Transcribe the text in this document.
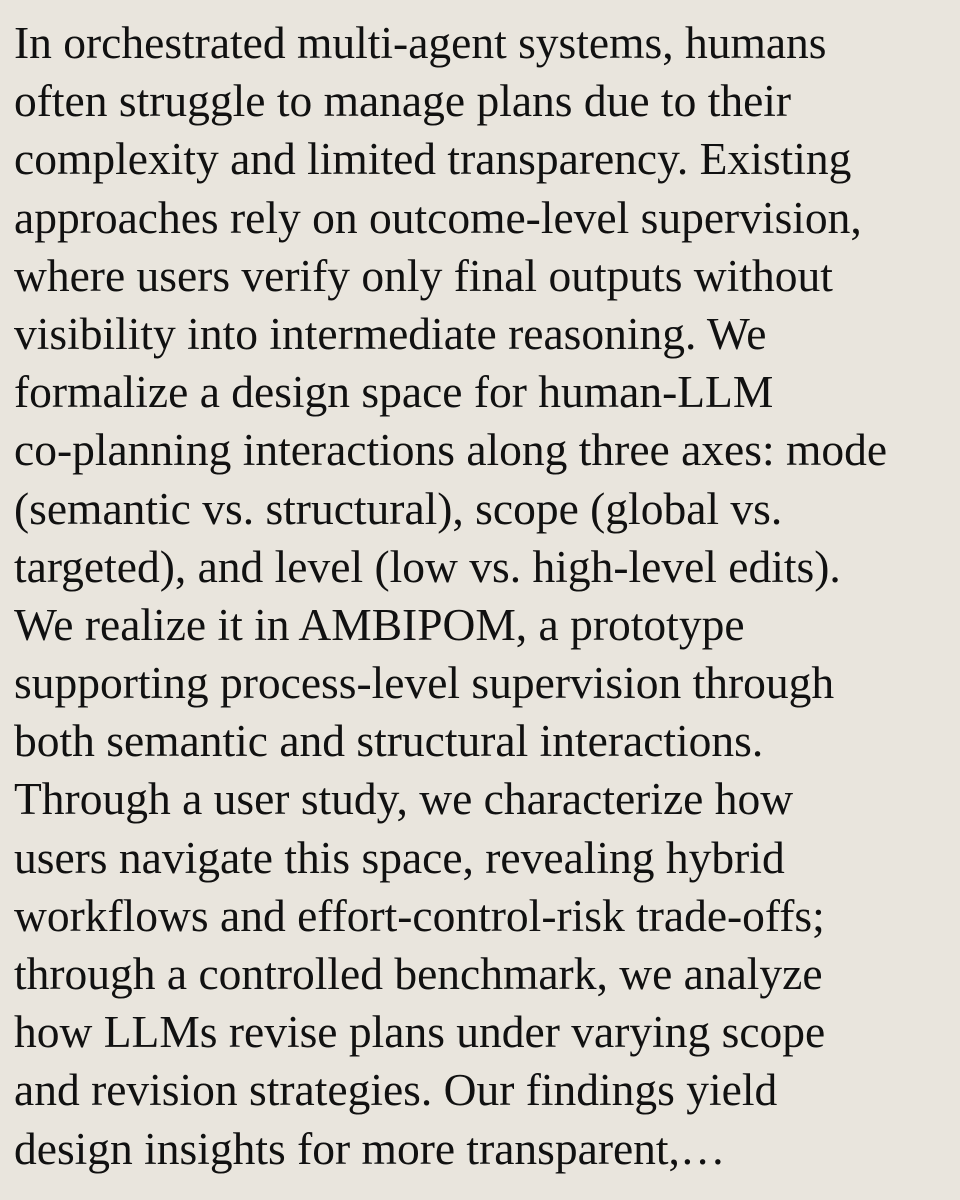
In orchestrated multi-agent systems, humans
often struggle to manage plans due to their
complexity and limited transparency. Existing
approaches rely on outcome-level supervision,
where users verify only final outputs without
visibility into intermediate reasoning. We
formalize a design space for human-LLM
co-planning interactions along three axes: mode
(semantic vs. structural), scope (global vs.
targeted), and level (low vs. high-level edits).
We realize it in AMBIPOM, a prototype
supporting process-level supervision through
both semantic and structural interactions.
Through a user study, we characterize how
users navigate this space, revealing hybrid
workflows and effort-control-risk trade-offs;
through a controlled benchmark, we analyze
how LLMs revise plans under varying scope
and revision strategies. Our findings yield
design insights for more transparent,…
